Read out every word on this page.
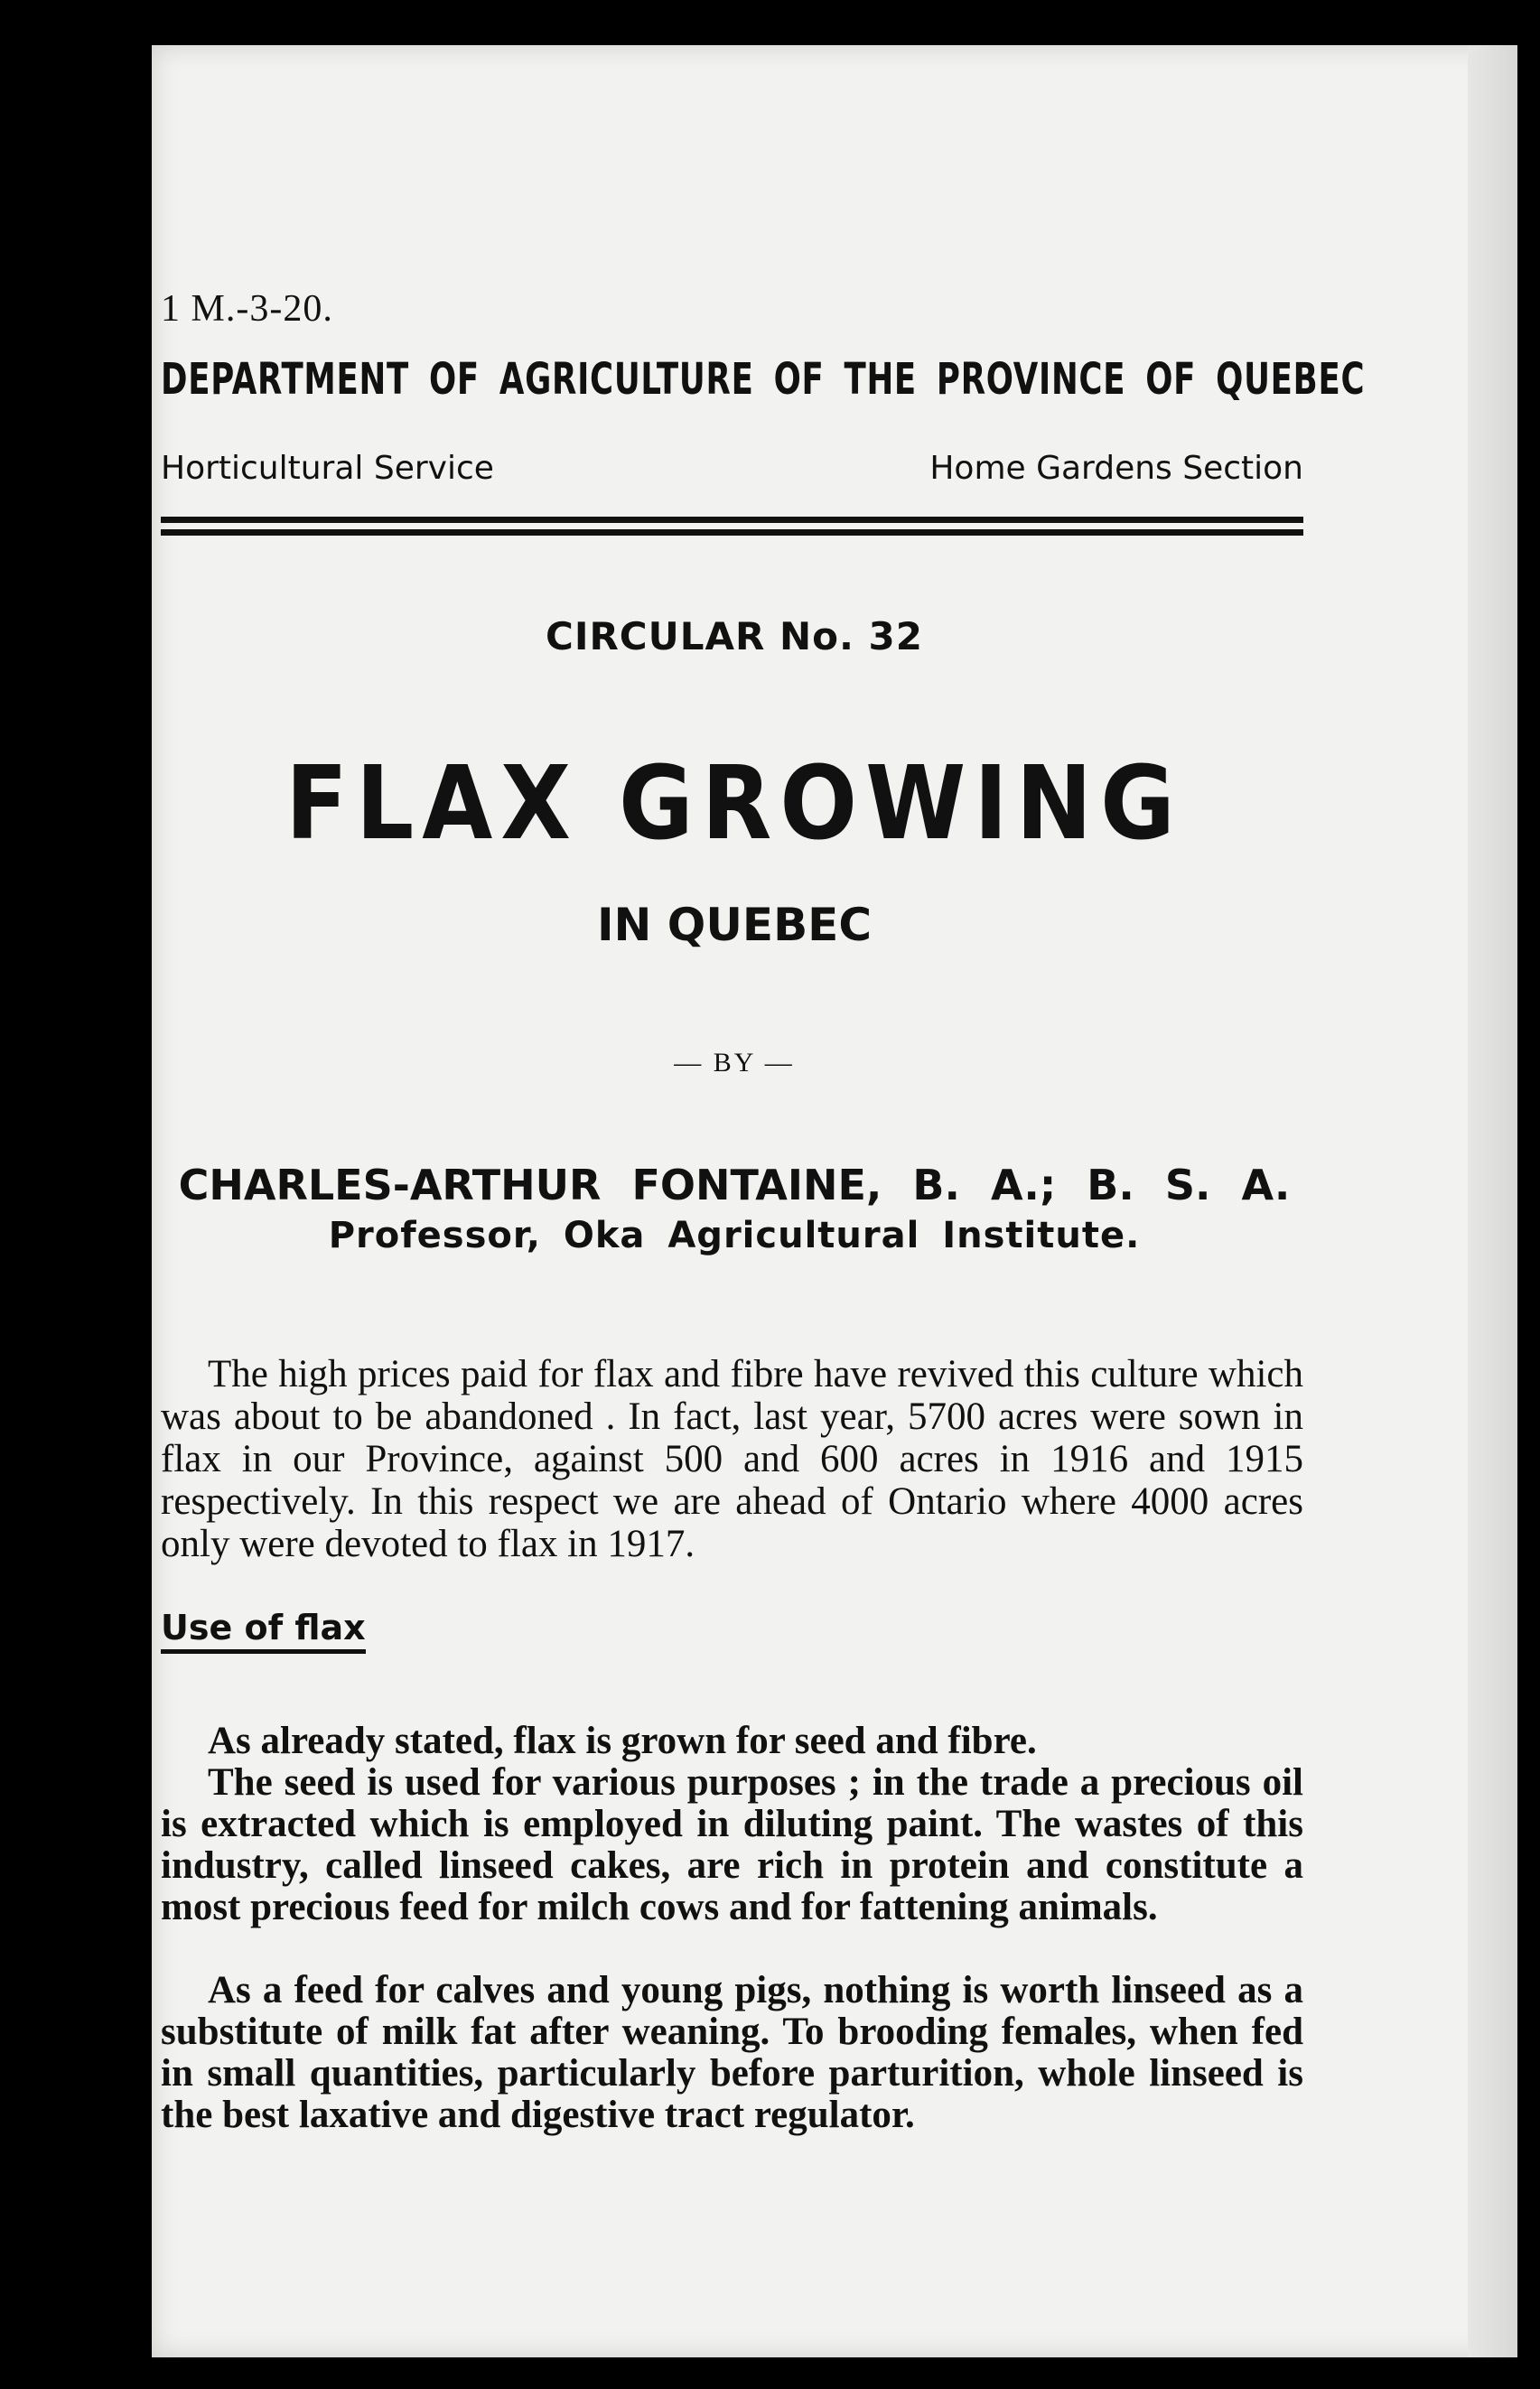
1 M.-3-20.
DEPARTMENT OF AGRICULTURE OF THE PROVINCE OF QUEBEC
Horticultural Service	Home Gardens Section
CIRCULAR No. 32
FLAX GROWING
IN QUEBEC
— BY —
CHARLES-ARTHUR FONTAINE, B. A.; B. S. A.
Professor, Oka Agricultural Institute.

The high prices paid for flax and fibre have revived this culture which was about to be abandoned . In fact, last year, 5700 acres were sown in flax in our Province, against 500 and 600 acres in 1916 and 1915 respectively. In this respect we are ahead of Ontario where 4000 acres only were devoted to flax in 1917.

Use of flax

As already stated, flax is grown for seed and fibre.

The seed is used for various purposes ; in the trade a precious oil is extracted which is employed in diluting paint. The wastes of this industry, called linseed cakes, are rich in protein and constitute a most precious feed for milch cows and for fattening animals.

As a feed for calves and young pigs, nothing is worth linseed as a substitute of milk fat after weaning. To brooding females, when fed in small quantities, particularly before parturition, whole linseed is the best laxative and digestive tract regulator.
